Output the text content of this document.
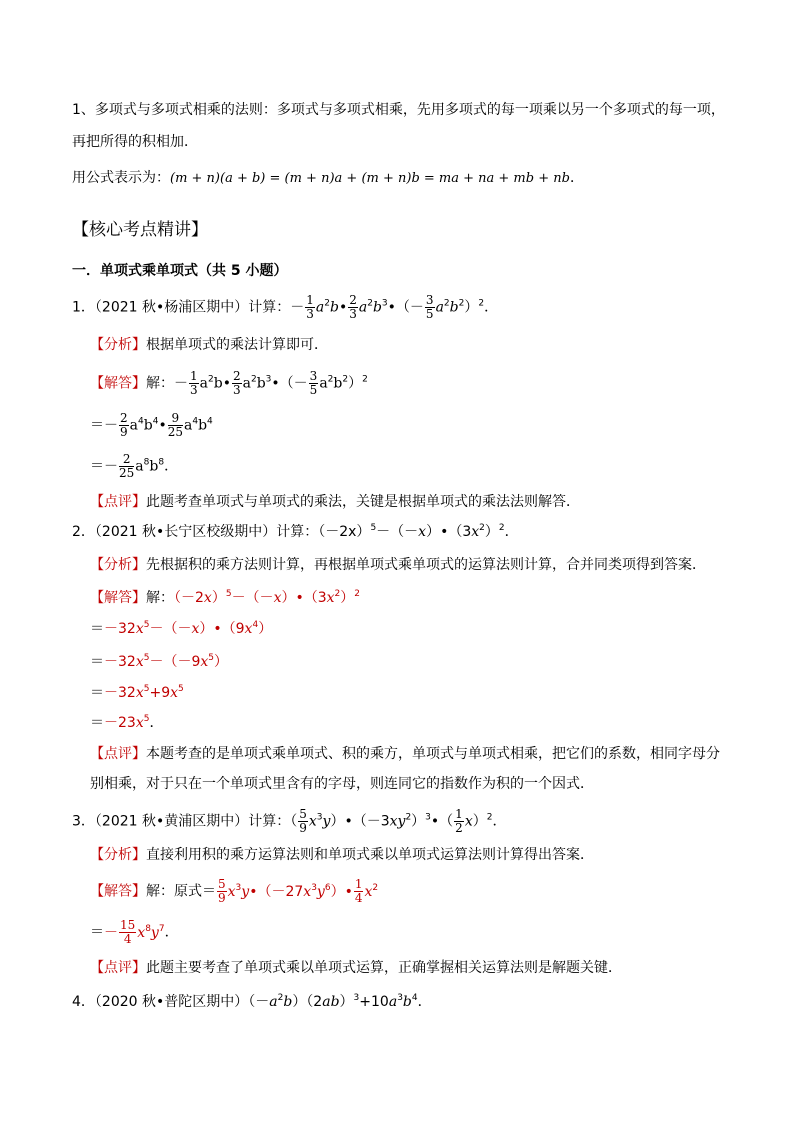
1、多项式与多项式相乘的法则：多项式与多项式相乘，先用多项式的每一项乘以另一个多项式的每一项，
再把所得的积相加．
用公式表示为：(m + n)(a + b) = (m + n)a + (m + n)b = ma + na + mb + nb．
【核心考点精讲】
一．单项式乘单项式（共 5 小题）
1．（2021 秋•杨浦区期中）计算：－ $\frac{1}{3}$ $a^2b• \frac{2}{3}$ $a^2b^3•(- \frac{3}{5} a^2b^2)^2$．
【分析】根据单项式的乘法计算即可．
【解答】解：－ $\frac{1}{3}$ $a^2b• \frac{2}{3}$ $a^2b^3•(- \frac{3}{5} a^2b^2)^2$
＝－ $\frac{2}{9}$ $a^4b^4• \frac{9}{25} a^4b^4$
＝－ $\frac{2}{25} a^8b^8$．
【点评】此题考查单项式与单项式的乘法，关键是根据单项式的乘法法则解答．
2．（2021 秋•长宁区校级期中）计算：$(-2x)^5-(-x)•(3x^2)^2$．
【分析】先根据积的乘方法则计算，再根据单项式乘单项式的运算法则计算，合并同类项得到答案．
【解答】解：$(-2x)^5-(-x)•(3x^2)^2$
$=-32x^5-(-x)•(9x^4)$
$=-32x^5-(-9x^5)$
$=-32x^5+9x^5$
$=-23x^5$．
【点评】本题考查的是单项式乘单项式、积的乘方，单项式与单项式相乘，把它们的系数，相同字母分
别相乘，对于只在一个单项式里含有的字母，则连同它的指数作为积的一个因式．
3．（2021 秋•黄浦区期中）计算：（ $\frac{5}{9}$ $x^3y)•(-3xy^2)^3•( \frac{1}{2} x)^2$．
【分析】直接利用积的乘方运算法则和单项式乘以单项式运算法则计算得出答案．
【解答】解：原式＝ $\frac{5}{9}$ $x^3y•(-27x^3y^6)• \frac{1}{4} x^2$
＝－ $\frac{15}{4} x^8y^7$．
【点评】此题主要考查了单项式乘以单项式运算，正确掌握相关运算法则是解题关键．
4．（2020 秋•普陀区期中）$(-a^2b)(2ab)^3+10a^3b^4$．
